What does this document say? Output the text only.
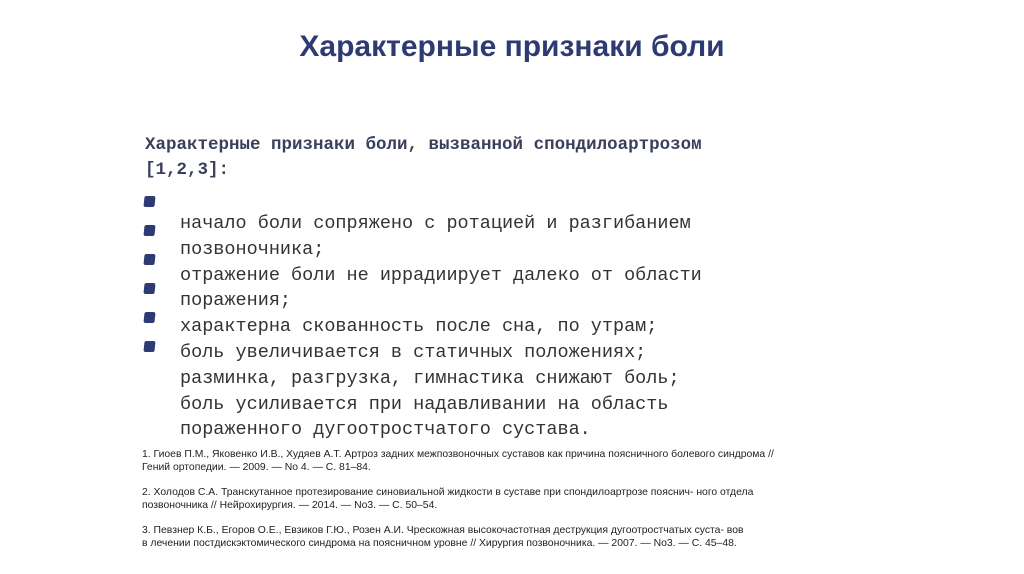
Характерные признаки боли
Характерные признаки боли, вызванной спондилоартрозом
[1,2,3]:
начало боли сопряжено с ротацией и разгибанием
позвоночника;
отражение боли не иррадиирует далеко от области
поражения;
характерна скованность после сна, по утрам;
боль увеличивается в статичных положениях;
разминка, разгрузка, гимнастика снижают боль;
боль усиливается при надавливании на область
пораженного дугоотростчатого сустава.
1. Гиоев П.М., Яковенко И.В., Худяев А.Т. Артроз задних межпозвоночных суставов как причина поясничного болевого синдрома //
Гений ортопедии. — 2009. — No 4. — С. 81–84.
2. Холодов С.А. Транскутанное протезирование синовиальной жидкости в суставе при спондилоартрозе пояснич- ного отдела
позвоночника // Нейрохирургия. — 2014. — No3. — С. 50–54.
3. Певзнер К.Б., Егоров О.Е., Евзиков Г.Ю., Розен А.И. Чрескожная высокочастотная деструкция дугоотростчатых суста- вов
в лечении постдискэктомического синдрома на поясничном уровне // Хирургия позвоночника. — 2007. — No3. — С. 45–48.
